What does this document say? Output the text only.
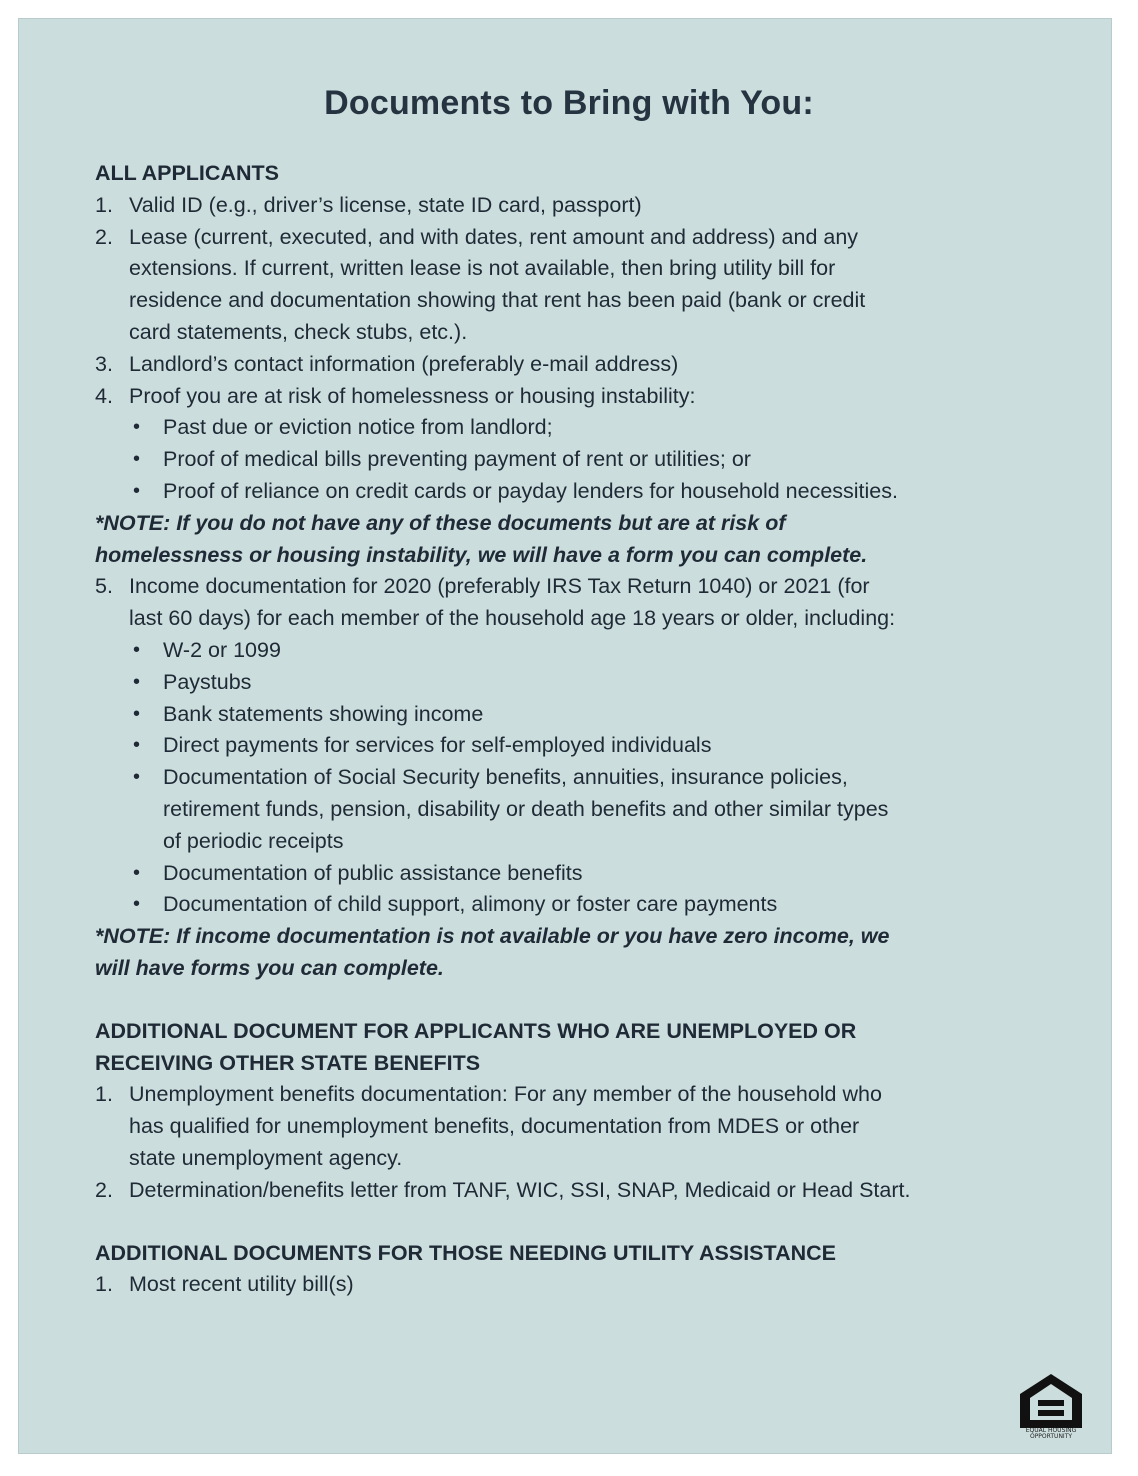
Documents to Bring with You:
ALL APPLICANTS
1. Valid ID (e.g., driver’s license, state ID card, passport)
2. Lease (current, executed, and with dates, rent amount and address) and any
extensions. If current, written lease is not available, then bring utility bill for
residence and documentation showing that rent has been paid (bank or credit
card statements, check stubs, etc.).
3. Landlord’s contact information (preferably e-mail address)
4. Proof you are at risk of homelessness or housing instability:
• Past due or eviction notice from landlord;
• Proof of medical bills preventing payment of rent or utilities; or
• Proof of reliance on credit cards or payday lenders for household necessities.
*NOTE: If you do not have any of these documents but are at risk of
homelessness or housing instability, we will have a form you can complete.
5. Income documentation for 2020 (preferably IRS Tax Return 1040) or 2021 (for
last 60 days) for each member of the household age 18 years or older, including:
• W-2 or 1099
• Paystubs
• Bank statements showing income
• Direct payments for services for self-employed individuals
• Documentation of Social Security benefits, annuities, insurance policies,
retirement funds, pension, disability or death benefits and other similar types
of periodic receipts
• Documentation of public assistance benefits
• Documentation of child support, alimony or foster care payments
*NOTE: If income documentation is not available or you have zero income, we
will have forms you can complete.
ADDITIONAL DOCUMENT FOR APPLICANTS WHO ARE UNEMPLOYED OR
RECEIVING OTHER STATE BENEFITS
1. Unemployment benefits documentation: For any member of the household who
has qualified for unemployment benefits, documentation from MDES or other
state unemployment agency.
2. Determination/benefits letter from TANF, WIC, SSI, SNAP, Medicaid or Head Start.
ADDITIONAL DOCUMENTS FOR THOSE NEEDING UTILITY ASSISTANCE
1. Most recent utility bill(s)
EQUAL HOUSING OPPORTUNITY
